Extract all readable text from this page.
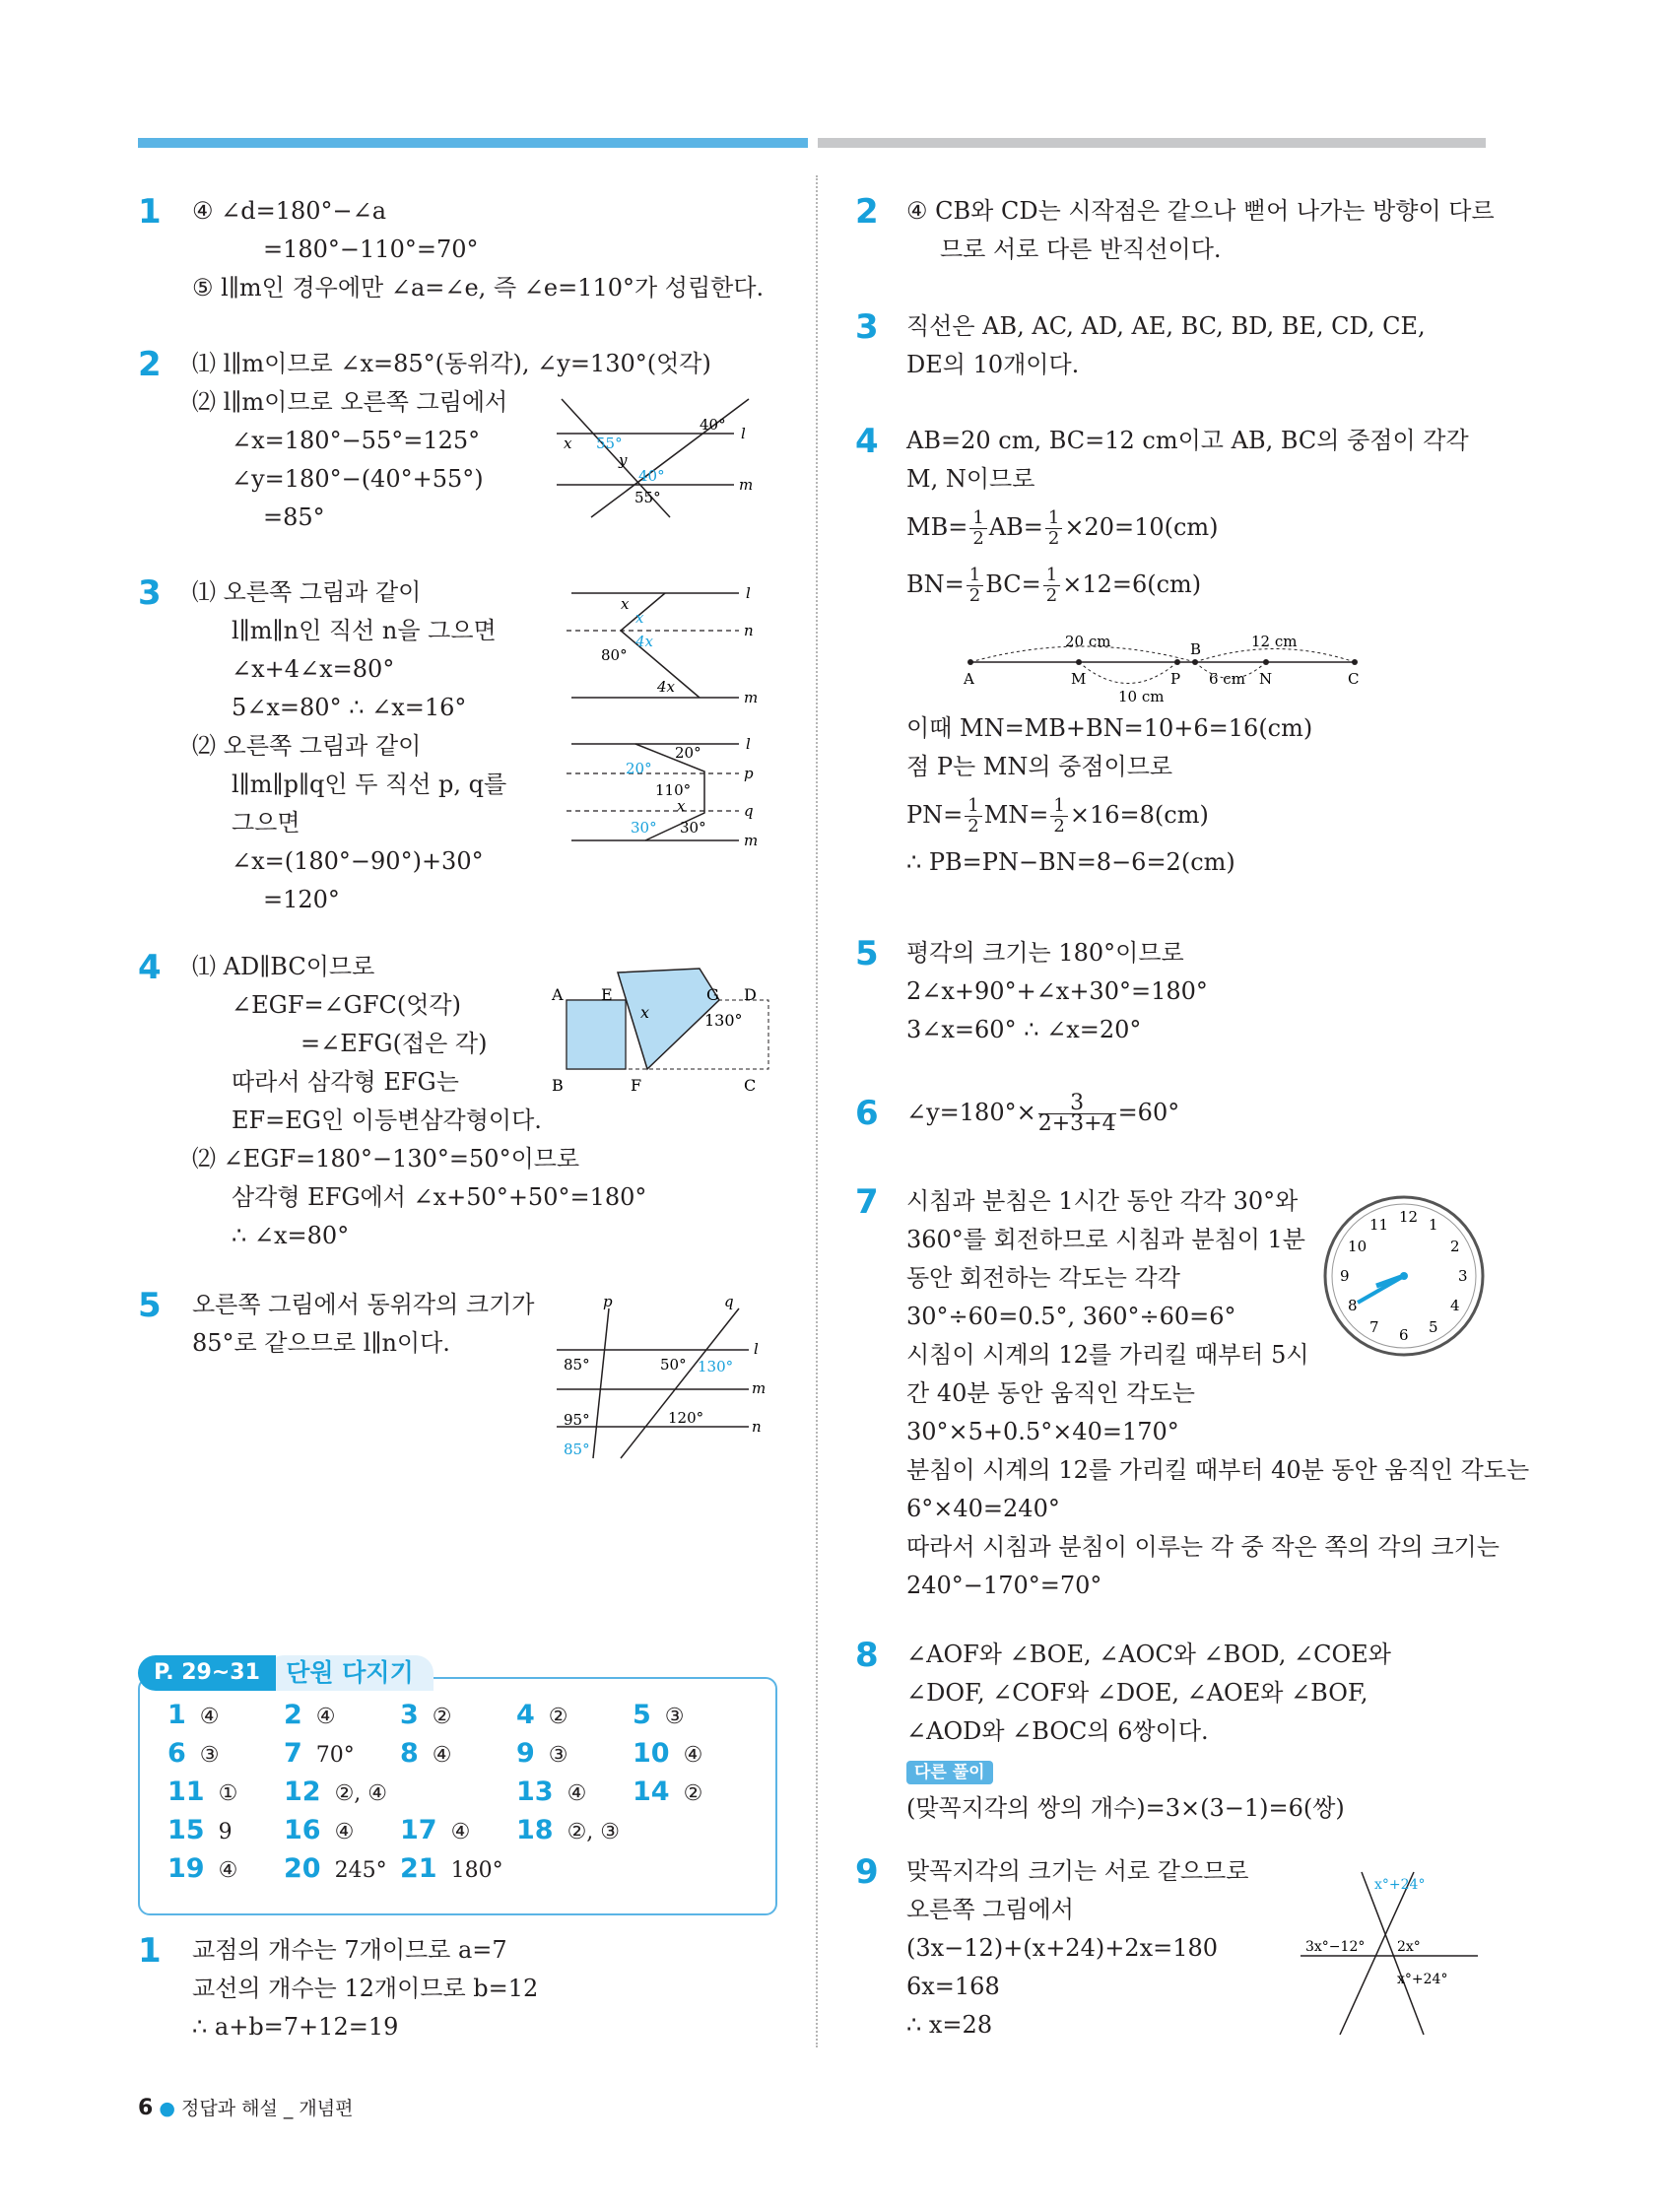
1 ④ ∠d=180°−∠a
=180°−110°=70°
⑤ l∥m인 경우에만 ∠a=∠e, 즉 ∠e=110°가 성립한다.
2 ⑴ l∥m이므로 ∠x=85°(동위각), ∠y=130°(엇각)
⑵ l∥m이므로 오른쪽 그림에서
∠x=180°−55°=125°
∠y=180°−(40°+55°)
=85°
l
m
x 55°
y
40°
40°
55°
3 ⑴ 오른쪽 그림과 같이
l∥m∥n인 직선 n을 그으면
∠x+4∠x=80°
5∠x=80° ∴ ∠x=16°
⑵ 오른쪽 그림과 같이
l∥m∥p∥q인 두 직선 p, q를
그으면
∠x=(180°−90°)+30°
=120°
l
n
m
x
x
4x
80°
4x
l
p
q
m
20°
20°
110°
x
30° 30°
4 ⑴ AD∥BC이므로
∠EGF=∠GFC(엇각)
=∠EFG(접은 각)
따라서 삼각형 EFG는
EF=EG인 이등변삼각형이다.
⑵ ∠EGF=180°−130°=50°이므로
삼각형 EFG에서 ∠x+50°+50°=180°
∴ ∠x=80°
A E	G D
B	F	C
x	130°
5 오른쪽 그림에서 동위각의 크기가
85°로 같으므로 l∥n이다.
p	q
l
m
n
85°	50° 130°
95°	120°
85°
단원 다지기
P. 29~31
1 ④ 2 ④ 3 ② 4 ② 5 ③
6 ③ 7 70° 8 ④ 9 ③ 10 ④
11 ① 12 ②, ④	13 ④ 14 ②
15 9 16 ④ 17 ④ 18 ②, ③
19 ④ 20 245° 21 180°
1 교점의 개수는 7개이므로 a=7
교선의 개수는 12개이므로 b=12
∴ a+b=7+12=19
2 ④ CB와 CD는 시작점은 같으나 뻗어 나가는 방향이 다르
므로 서로 다른 반직선이다.
3 직선은 AB, AC, AD, AE, BC, BD, BE, CD, CE,
DE의 10개이다.
4 AB=20 cm, BC=12 cm이고 AB, BC의 중점이 각각
M, N이므로
$MB= \frac{1}{2} AB= \frac{1}{2} \times 20=10(cm)$
$BN= \frac{1}{2} BC= \frac{1}{2} \times 12=6(cm)$
이때 MN=MB+BN=10+6=16(cm)
점 P는 MN의 중점이므로
$PN= \frac{1}{2} MN= \frac{1}{2} \times 16=8(cm)$
∴ PB=PN−BN=8−6=2(cm)
A	M	P
B
N	C
20 cm	12 cm
10 cm
6 cm
5 평각의 크기는 180°이므로
2∠x+90°+∠x+30°=180°
3∠x=60° ∴ ∠x=20°
6 ∠y=180°× $\frac{3}{2+3+4} =60^\circ$
7 시침과 분침은 1시간 동안 각각 30°와
360°를 회전하므로 시침과 분침이 1분
동안 회전하는 각도는 각각
30°÷60=0.5°, 360°÷60=6°
시침이 시계의 12를 가리킬 때부터 5시
간 40분 동안 움직인 각도는
30°×5+0.5°×40=170°
분침이 시계의 12를 가리킬 때부터 40분 동안 움직인 각도는
6°×40=240°
따라서 시침과 분침이 이루는 각 중 작은 쪽의 각의 크기는
240°−170°=70°
12 1
2
3
4
5
6
7
8
9
10
11
8 ∠AOF와 ∠BOE, ∠AOC와 ∠BOD, ∠COE와
∠DOF, ∠COF와 ∠DOE, ∠AOE와 ∠BOF,
∠AOD와 ∠BOC의 6쌍이다.
다른 풀이
(맞꼭지각의 쌍의 개수)=3×(3−1)=6(쌍)
9 맞꼭지각의 크기는 서로 같으므로
오른쪽 그림에서
(3x−12)+(x+24)+2x=180
6x=168
∴ x=28
x°+24°
3x°−12° 2x°
x°+24°
6 ● 정답과 해설 _ 개념편
